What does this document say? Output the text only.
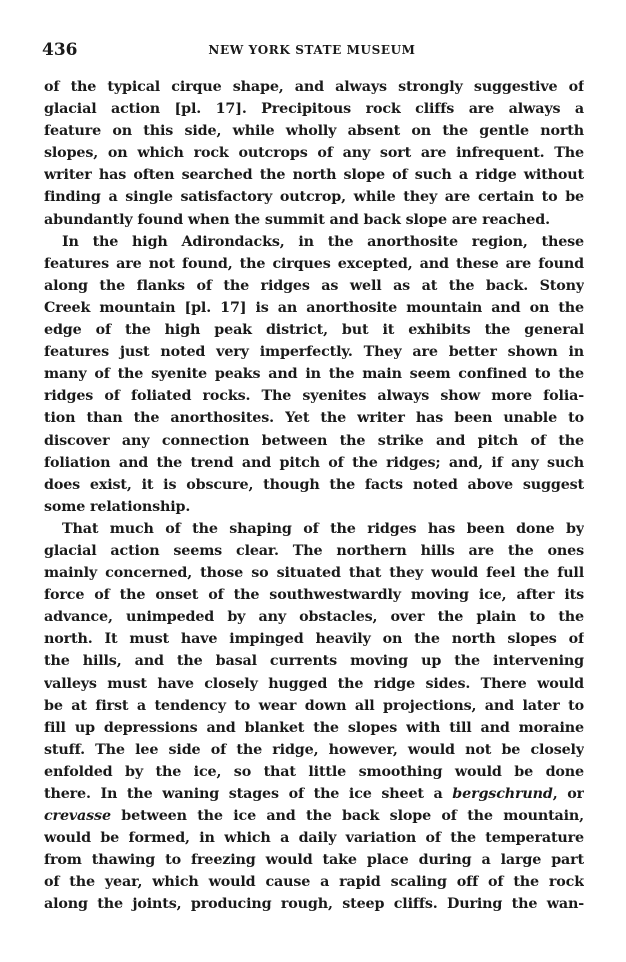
436	NEW YORK STATE MUSEUM
of the typical cirque shape, and always strongly suggestive of
glacial action [pl. 17]. Precipitous rock cliffs are always a
feature on this side, while wholly absent on the gentle north
slopes, on which rock outcrops of any sort are infrequent. The
writer has often searched the north slope of such a ridge without
finding a single satisfactory outcrop, while they are certain to be
abundantly found when the summit and back slope are reached.
In the high Adirondacks, in the anorthosite region, these
features are not found, the cirques excepted, and these are found
along the flanks of the ridges as well as at the back. Stony
Creek mountain [pl. 17] is an anorthosite mountain and on the
edge of the high peak district, but it exhibits the general
features just noted very imperfectly. They are better shown in
many of the syenite peaks and in the main seem confined to the
ridges of foliated rocks. The syenites always show more folia-
tion than the anorthosites. Yet the writer has been unable to
discover any connection between the strike and pitch of the
foliation and the trend and pitch of the ridges; and, if any such
does exist, it is obscure, though the facts noted above suggest
some relationship.
That much of the shaping of the ridges has been done by
glacial action seems clear. The northern hills are the ones
mainly concerned, those so situated that they would feel the full
force of the onset of the southwestwardly moving ice, after its
advance, unimpeded by any obstacles, over the plain to the
north. It must have impinged heavily on the north slopes of
the hills, and the basal currents moving up the intervening
valleys must have closely hugged the ridge sides. There would
be at first a tendency to wear down all projections, and later to
fill up depressions and blanket the slopes with till and moraine
stuff. The lee side of the ridge, however, would not be closely
enfolded by the ice, so that little smoothing would be done
there. In the waning stages of the ice sheet a bergschrund, or
crevasse between the ice and the back slope of the mountain,
would be formed, in which a daily variation of the temperature
from thawing to freezing would take place during a large part
of the year, which would cause a rapid scaling off of the rock
along the joints, producing rough, steep cliffs. During the wan-
